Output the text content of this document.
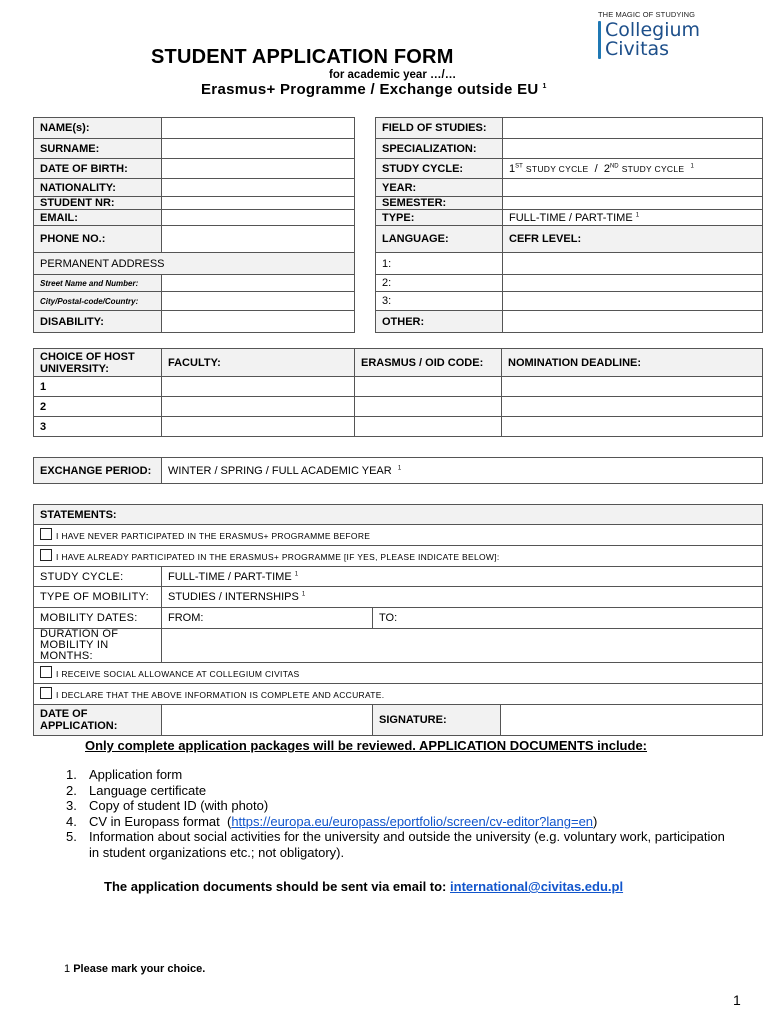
THE MAGIC OF STUDYING
Collegium
Civitas
STUDENT APPLICATION FORM
for academic year …/…
Erasmus+ Programme / Exchange outside EU $^1$
NAME(s):			FIELD OF STUDIES:	
SURNAME:			SPECIALIZATION:	
DATE OF BIRTH:			STUDY CYCLE:	1ST STUDY CYCLE / 2ND STUDY CYCLE $^1$
NATIONALITY:			YEAR:	
STUDENT NR:			SEMESTER:	
EMAIL:			TYPE:	FULL-TIME / PART-TIME $^1$
PHONE NO.:			LANGUAGE:	CEFR LEVEL:
PERMANENT ADDRESS			1:	
Street Name and Number:			2:	
City/Postal-code/Country:			3:	
DISABILITY:			OTHER:	
CHOICE OF HOST UNIVERSITY:	FACULTY:	ERASMUS / OID CODE:	NOMINATION DEADLINE:
1			
2			
3			
EXCHANGE PERIOD:	WINTER / SPRING / FULL ACADEMIC YEAR $^1$
STATEMENTS:			
I HAVE NEVER PARTICIPATED IN THE ERASMUS+ PROGRAMME BEFORE			
I HAVE ALREADY PARTICIPATED IN THE ERASMUS+ PROGRAMME [IF YES, PLEASE INDICATE BELOW]:			
STUDY CYCLE:	FULL-TIME / PART-TIME $^1$
TYPE OF MOBILITY:	STUDIES / INTERNSHIPS $^1$
MOBILITY DATES:	FROM:	TO:	
DURATION OF MOBILITY IN MONTHS:			
I RECEIVE SOCIAL ALLOWANCE AT COLLEGIUM CIVITAS			
I DECLARE THAT THE ABOVE INFORMATION IS COMPLETE AND ACCURATE.			
DATE OF APPLICATION:		SIGNATURE:	
Only complete application packages will be reviewed. APPLICATION DOCUMENTS include:
1. Application form
2. Language certificate
3. Copy of student ID (with photo)
4. CV in Europass format  (https://europa.eu/europass/eportfolio/screen/cv-editor?lang=en)
5. Information about social activities for the university and outside the university (e.g. voluntary work, participation in student organizations etc.; not obligatory).
The application documents should be sent via email to: international@civitas.edu.pl
1 Please mark your choice.
1
